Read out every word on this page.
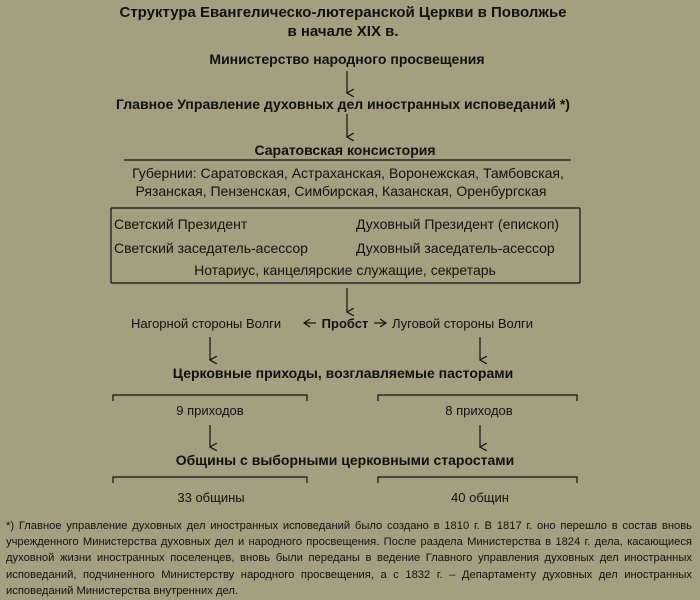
Структура Евангелическо-лютеранской Церкви в Поволжье
в начале XIX в.
Министерство народного просвещения
Главное Управление духовных дел иностранных исповеданий *)
Саратовская консистория
Губернии: Саратовская, Астраханская, Воронежская, Тамбовская,
Рязанская, Пензенская, Симбирская, Казанская, Оренбургская
Светский Президент	Духовный Президент (епископ)
Светский заседатель-асессор	Духовный заседатель-асессор
Нотариус, канцелярские служащие, секретарь
Нагорной стороны Волги	Пробст Луговой стороны Волги
Церковные приходы, возглавляемые пасторами
9 приходов	8 приходов
Общины с выборными церковными старостами
33 общины	40 общин
*) Главное управление духовных дел иностранных исповеданий было создано в 1810 г. В 1817 г. оно перешло в состав вновь учрежденного Министерства духовных дел и народного просвещения. После раздела Министерства в 1824 г. дела, касающиеся духовной жизни иностранных поселенцев, вновь были переданы в ведение Главного управления духовных дел иностранных исповеданий, подчиненного Министерству народного просвещения, а с 1832 г. – Департаменту духовных дел иностранных исповеданий Министерства внутренних дел.
